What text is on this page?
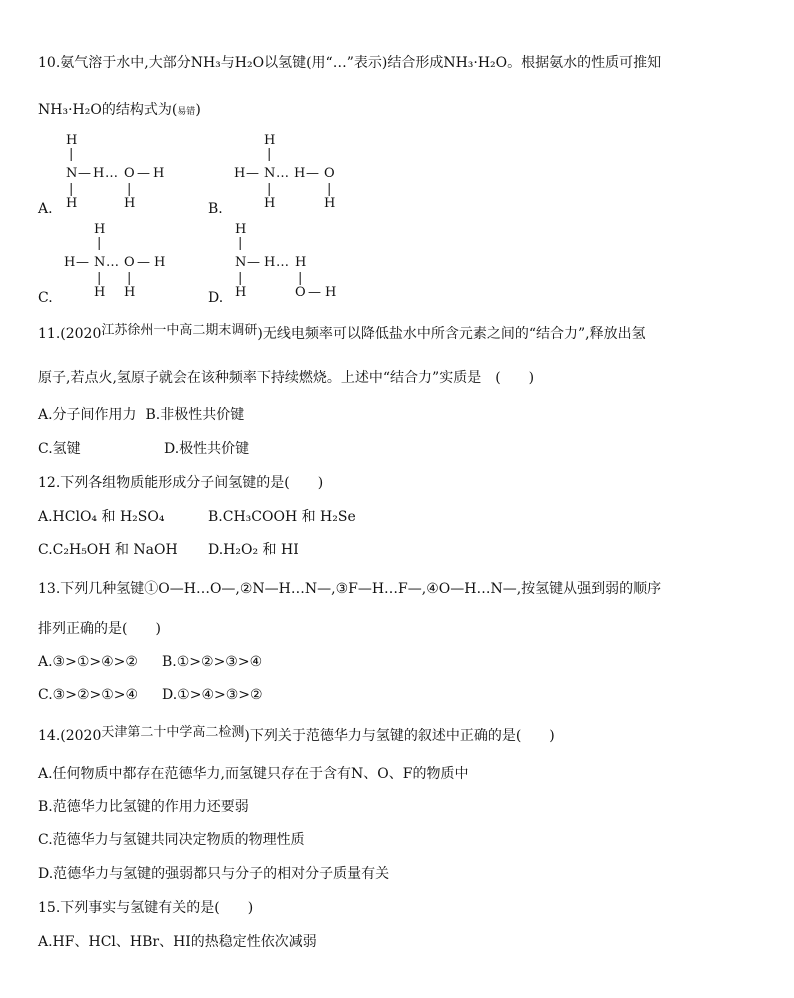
10.氨气溶于水中,大部分NH₃与H₂O以氢键(用“…”表示)结合形成NH₃·H₂O。根据氨水的性质可推知
NH₃·H₂O的结构式为(易错)
H
|
N — H … O — H
H
|	|
H
A.
H
|
H — N … H — O
|
H
|
H
B.
H
|
H — N … O — H
|
H
|
H
C.
H
|
N — H … H
|
H
|
O — H
D.
11.(2020江苏徐州一中高二期末调研)无线电频率可以降低盐水中所含元素之间的“结合力”,释放出氢
原子,若点火,氢原子就会在该种频率下持续燃烧。上述中“结合力”实质是　(　　)
A.分子间作用力 B.非极性共价键
C.氢键	D.极性共价键
12.下列各组物质能形成分子间氢键的是(　　)
A.HClO₄ 和 H₂SO₄	B.CH₃COOH 和 H₂Se
C.C₂H₅OH 和 NaOH D.H₂O₂ 和 HI
13.下列几种氢键①O—H…O—,②N—H…N—,③F—H…F—,④O—H…N—,按氢键从强到弱的顺序
排列正确的是(　　)
A.③>①>④>② B.①>②>③>④
C.③>②>①>④ D.①>④>③>②
14.(2020天津第二十中学高二检测)下列关于范德华力与氢键的叙述中正确的是(　　)
A.任何物质中都存在范德华力,而氢键只存在于含有N、O、F的物质中
B.范德华力比氢键的作用力还要弱
C.范德华力与氢键共同决定物质的物理性质
D.范德华力与氢键的强弱都只与分子的相对分子质量有关
15.下列事实与氢键有关的是(　　)
A.HF、HCl、HBr、HI的热稳定性依次减弱
